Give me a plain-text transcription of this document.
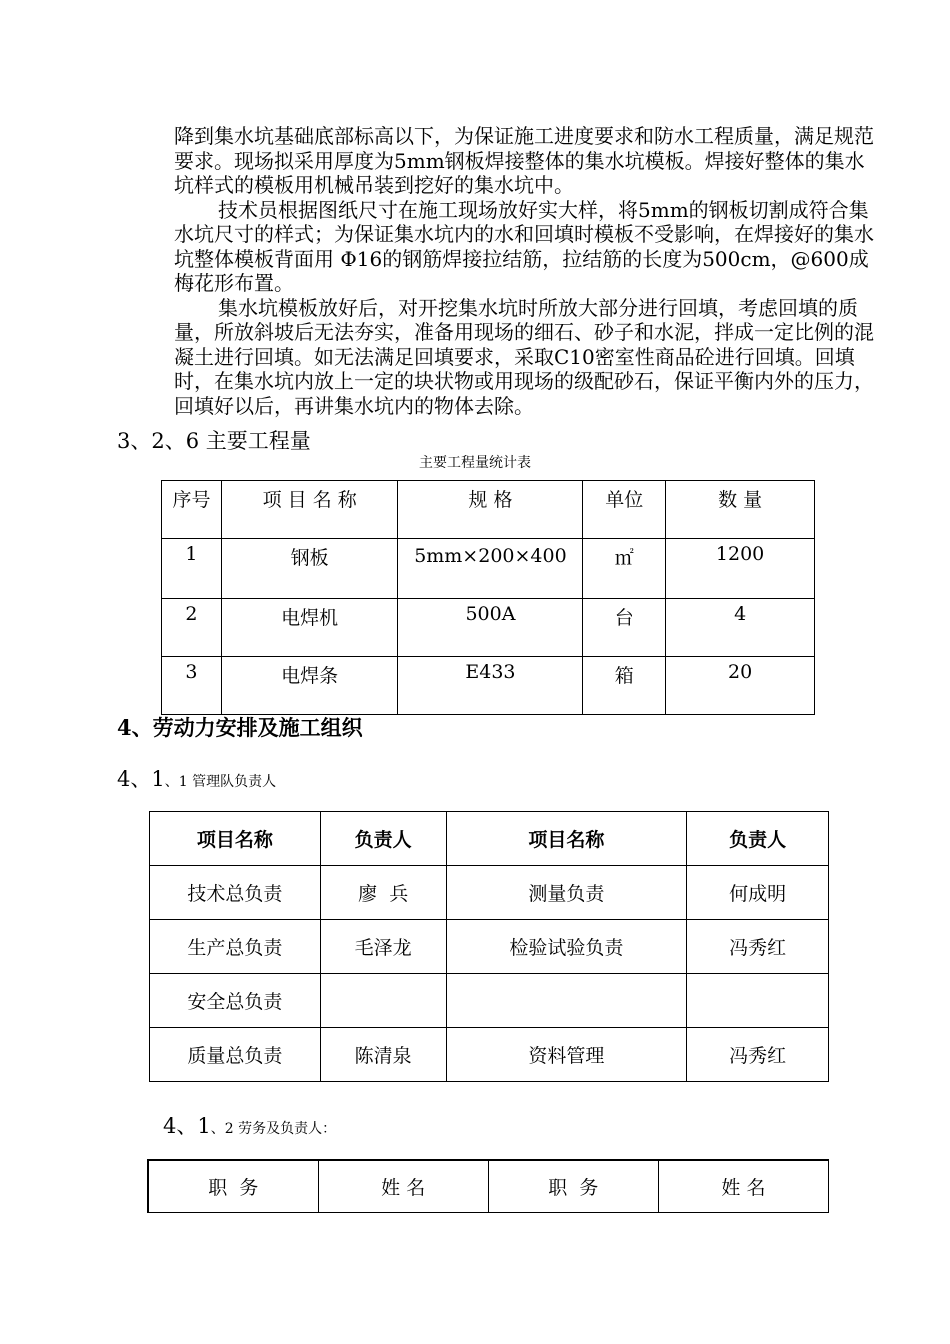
降到集水坑基础底部标高以下，为保证施工进度要求和防水工程质量，满足规范要求。现场拟采用厚度为5mm钢板焊接整体的集水坑模板。焊接好整体的集水坑样式的模板用机械吊装到挖好的集水坑中。

技术员根据图纸尺寸在施工现场放好实大样，将5mm的钢板切割成符合集水坑尺寸的样式；为保证集水坑内的水和回填时模板不受影响，在焊接好的集水坑整体模板背面用 Φ16的钢筋焊接拉结筋，拉结筋的长度为500cm，@600成梅花形布置。

集水坑模板放好后，对开挖集水坑时所放大部分进行回填，考虑回填的质量，所放斜坡后无法夯实，准备用现场的细石、砂子和水泥，拌成一定比例的混凝土进行回填。如无法满足回填要求，采取C10密室性商品砼进行回填。回填时，在集水坑内放上一定的块状物或用现场的级配砂石，保证平衡内外的压力，回填好以后，再讲集水坑内的物体去除。

3、2、6 主要工程量
主要工程量统计表
序号	项 目 名 称	规 格	单位	数 量
1	钢板	5mm×200×400	㎡	1200
2	电焊机	500A	台	4
3	电焊条	E433	箱	20
4、劳动力安排及施工组织
4、1、1 管理队负责人
项目名称	负责人	项目名称	负责人
技术总负责	廖  兵	测量负责	何成明
生产总负责	毛泽龙	检验试验负责	冯秀红
安全总负责			
质量总负责	陈清泉	资料管理	冯秀红
4、1、2 劳务及负责人：
职  务	姓 名	职  务	姓 名
